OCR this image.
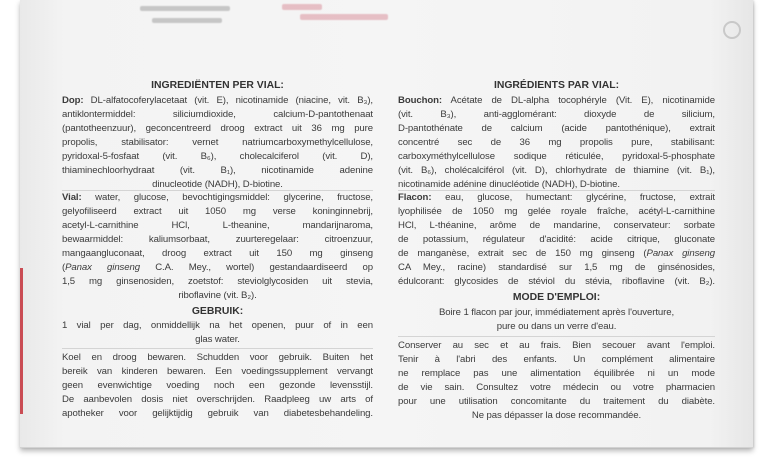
INGREDIËNTEN PER VIAL:
Dop: DL-alfatocoferylacetaat (vit. E), nicotinamide (niacine, vit. B₃),
antiklontermiddel: siliciumdioxide, calcium-D-pantothenaat
(pantotheenzuur), geconcentreerd droog extract uit 36 mg pure
propolis, stabilisator: vernet natriumcarboxymethylcellulose,
pyridoxal-5-fosfaat (vit. B₆), cholecalciferol (vit. D),
thiaminechloorhydraat (vit. B₁), nicotinamide adenine
dinucleotide (NADH), D-biotine.
Vial: water, glucose, bevochtigingsmiddel: glycerine, fructose,
gelyofiliseerd extract uit 1050 mg verse koninginnebrij,
acetyl-L-carnithine HCl, L-theanine, mandarijnaroma,
bewaarmiddel: kaliumsorbaat, zuurteregelaar: citroenzuur,
mangaangluconaat, droog extract uit 150 mg ginseng
(Panax ginseng C.A. Mey., wortel) gestandaardiseerd op
1,5 mg ginsenosiden, zoetstof: steviolglycosiden uit stevia,
riboflavine (vit. B₂).
GEBRUIK:
1 vial per dag, onmiddellijk na het openen, puur of in een
glas water.
Koel en droog bewaren. Schudden voor gebruik. Buiten het
bereik van kinderen bewaren. Een voedingssupplement vervangt
geen evenwichtige voeding noch een gezonde levensstijl.
De aanbevolen dosis niet overschrijden. Raadpleeg uw arts of
apotheker voor gelijktijdig gebruik van diabetesbehandeling.
INGRÉDIENTS PAR VIAL:
Bouchon: Acétate de DL-alpha tocophéryle (Vit. E), nicotinamide
(vit. B₃), anti-agglomérant: dioxyde de silicium,
D-pantothénate de calcium (acide pantothénique), extrait
concentré sec de 36 mg propolis pure, stabilisant:
carboxyméthylcellulose sodique réticulée, pyridoxal-5-phosphate
(vit. B₆), cholécalciférol (vit. D), chlorhydrate de thiamine (vit. B₁),
nicotinamide adénine dinucléotide (NADH), D-biotine.
Flacon: eau, glucose, humectant: glycérine, fructose, extrait
lyophilisée de 1050 mg gelée royale fraîche, acétyl-L-carnithine
HCl, L-théanine, arôme de mandarine, conservateur: sorbate
de potassium, régulateur d'acidité: acide citrique, gluconate
de manganèse, extrait sec de 150 mg ginseng (Panax ginseng
CA Mey., racine) standardisé sur 1,5 mg de ginsénosides,
édulcorant: glycosides de stéviol du stévia, riboflavine (vit. B₂).
MODE D'EMPLOI:
Boire 1 flacon par jour, immédiatement après l'ouverture,
pure ou dans un verre d'eau.
Conserver au sec et au frais. Bien secouer avant l'emploi.
Tenir à l'abri des enfants. Un complément alimentaire
ne remplace pas une alimentation équilibrée ni un mode
de vie sain. Consultez votre médecin ou votre pharmacien
pour une utilisation concomitante du traitement du diabète.
Ne pas dépasser la dose recommandée.
